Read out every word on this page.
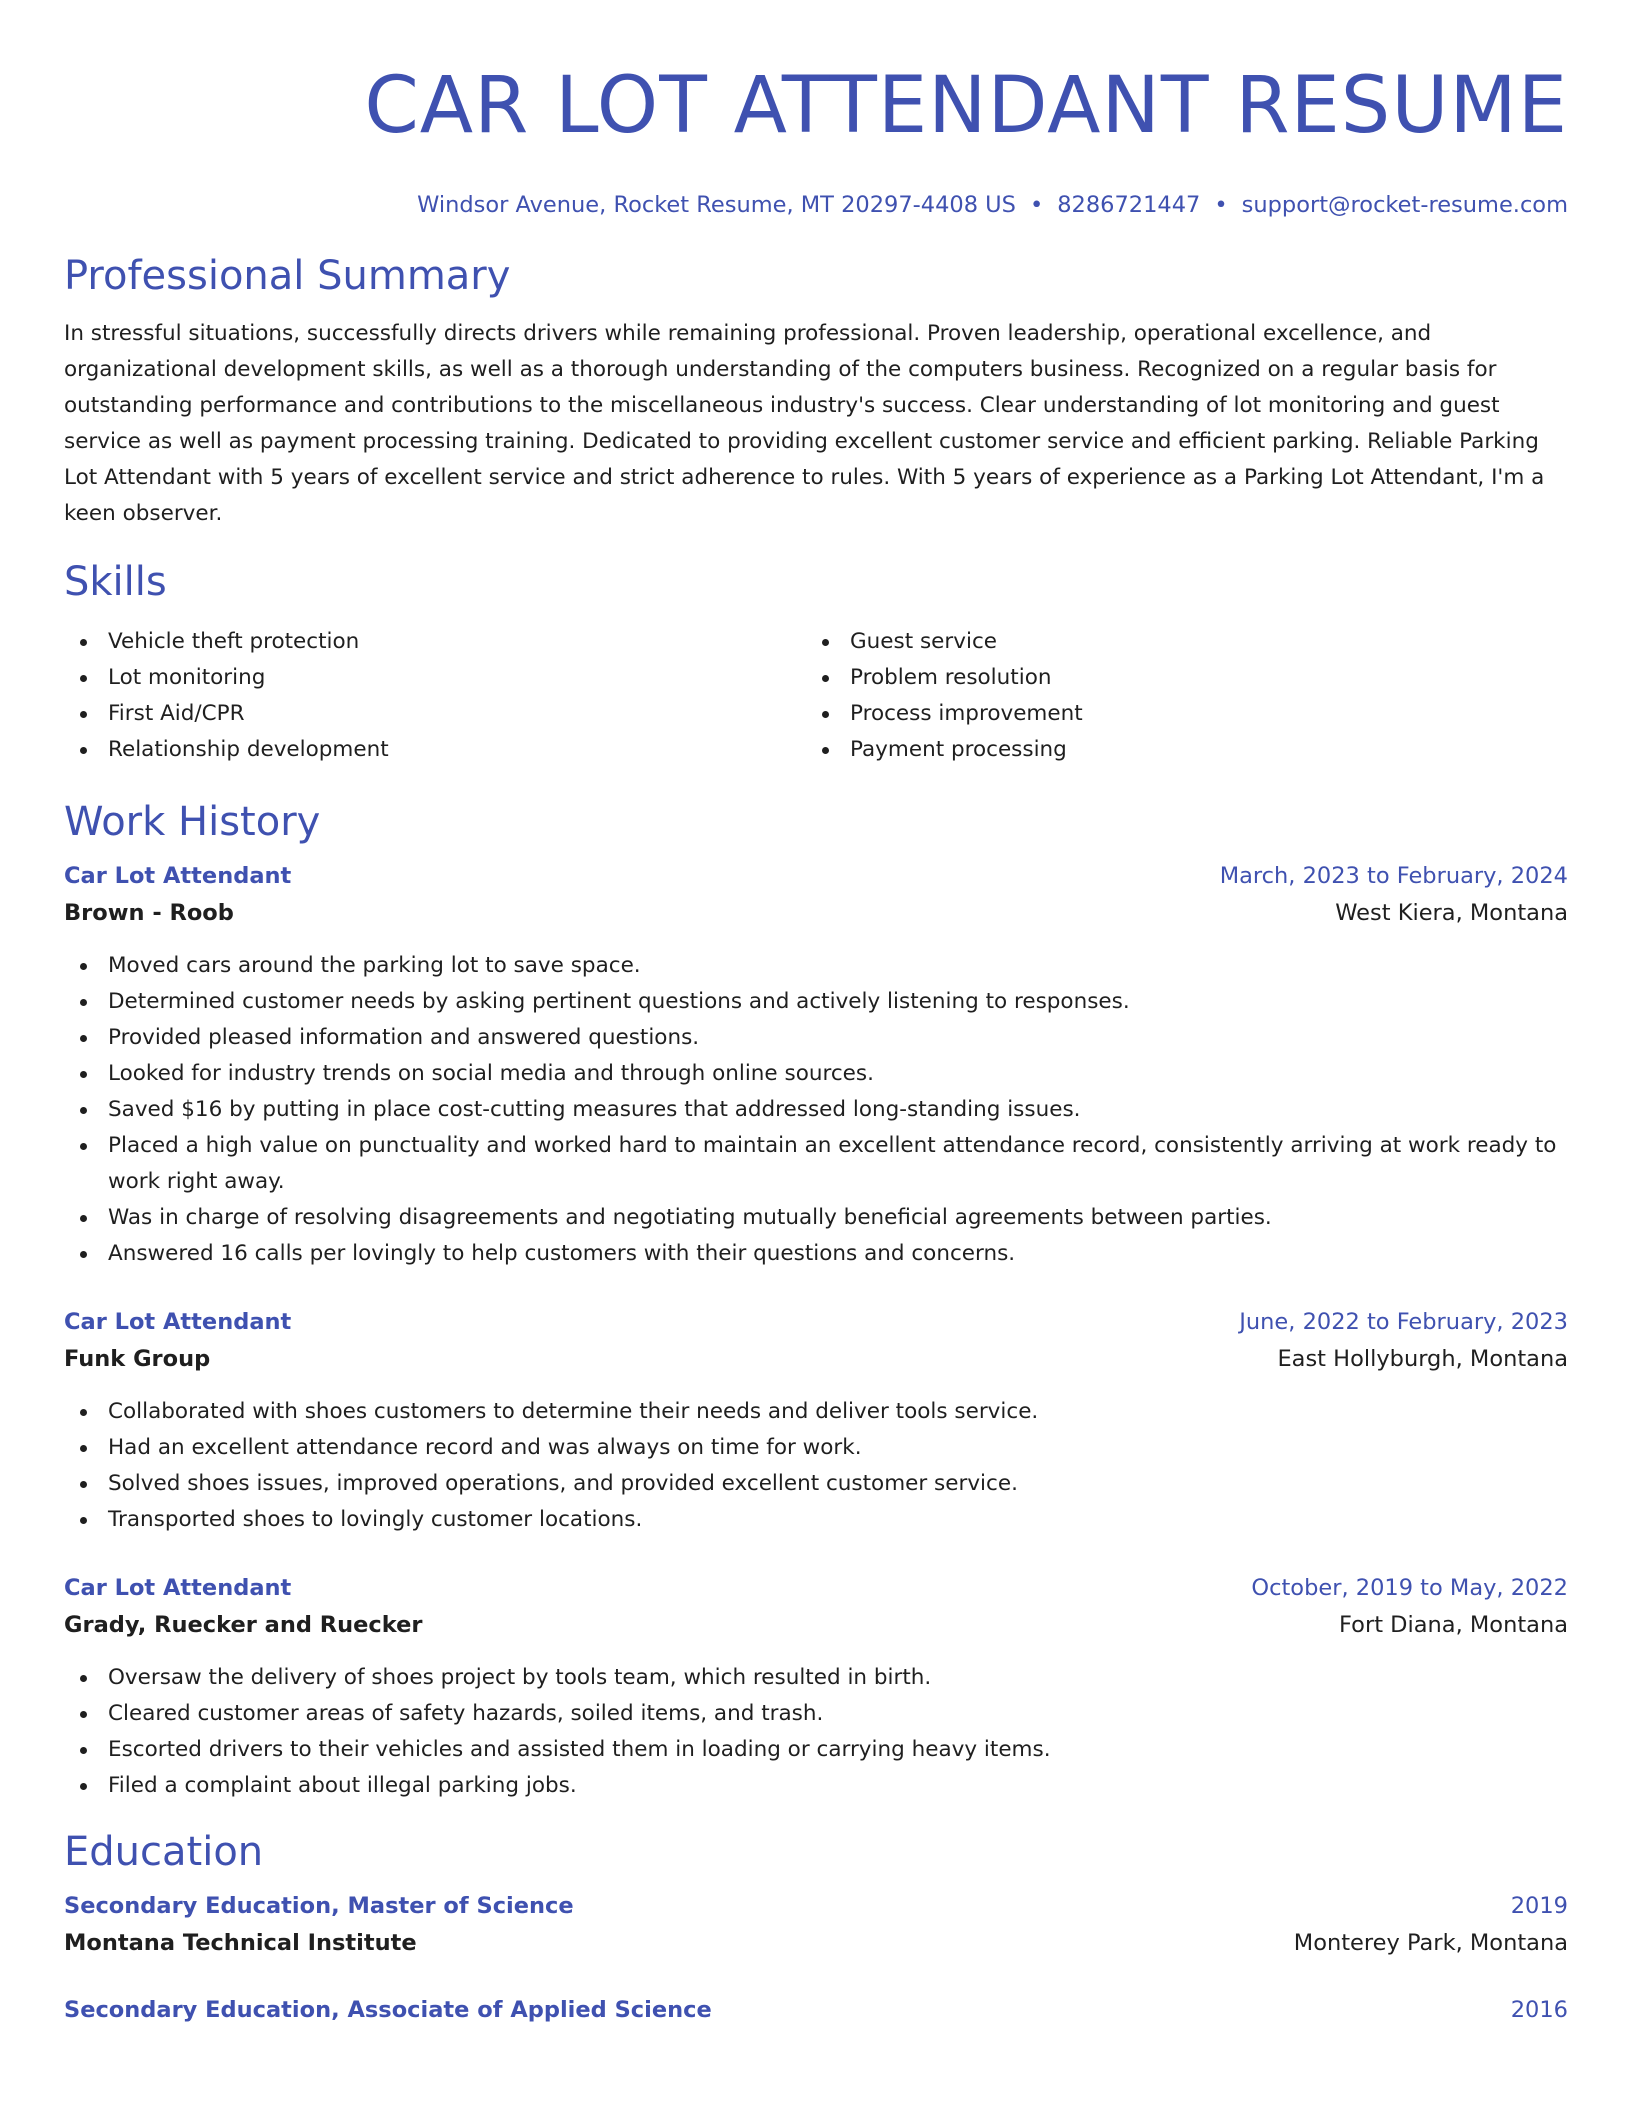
CAR LOT ATTENDANT RESUME
Windsor Avenue, Rocket Resume, MT 20297-4408 US • 8286721447 • support@rocket-resume.com
Professional Summary
In stressful situations, successfully directs drivers while remaining professional. Proven leadership, operational excellence, and organizational development skills, as well as a thorough understanding of the computers business. Recognized on a regular basis for outstanding performance and contributions to the miscellaneous industry's success. Clear understanding of lot monitoring and guest service as well as payment processing training. Dedicated to providing excellent customer service and efficient parking. Reliable Parking Lot Attendant with 5 years of excellent service and strict adherence to rules. With 5 years of experience as a Parking Lot Attendant, I'm a keen observer.
Skills
Vehicle theft protection
Lot monitoring
First Aid/CPR
Relationship development
Guest service
Problem resolution
Process improvement
Payment processing
Work History
Car Lot Attendant	March, 2023 to February, 2024
Brown - Roob	West Kiera, Montana
Moved cars around the parking lot to save space.
Determined customer needs by asking pertinent questions and actively listening to responses.
Provided pleased information and answered questions.
Looked for industry trends on social media and through online sources.
Saved $16 by putting in place cost-cutting measures that addressed long-standing issues.
Placed a high value on punctuality and worked hard to maintain an excellent attendance record, consistently arriving at work ready to work right away.
Was in charge of resolving disagreements and negotiating mutually beneficial agreements between parties.
Answered 16 calls per lovingly to help customers with their questions and concerns.
Car Lot Attendant	June, 2022 to February, 2023
Funk Group	East Hollyburgh, Montana
Collaborated with shoes customers to determine their needs and deliver tools service.
Had an excellent attendance record and was always on time for work.
Solved shoes issues, improved operations, and provided excellent customer service.
Transported shoes to lovingly customer locations.
Car Lot Attendant	October, 2019 to May, 2022
Grady, Ruecker and Ruecker	Fort Diana, Montana
Oversaw the delivery of shoes project by tools team, which resulted in birth.
Cleared customer areas of safety hazards, soiled items, and trash.
Escorted drivers to their vehicles and assisted them in loading or carrying heavy items.
Filed a complaint about illegal parking jobs.
Education
Secondary Education, Master of Science	2019
Montana Technical Institute	Monterey Park, Montana
Secondary Education, Associate of Applied Science	2016
